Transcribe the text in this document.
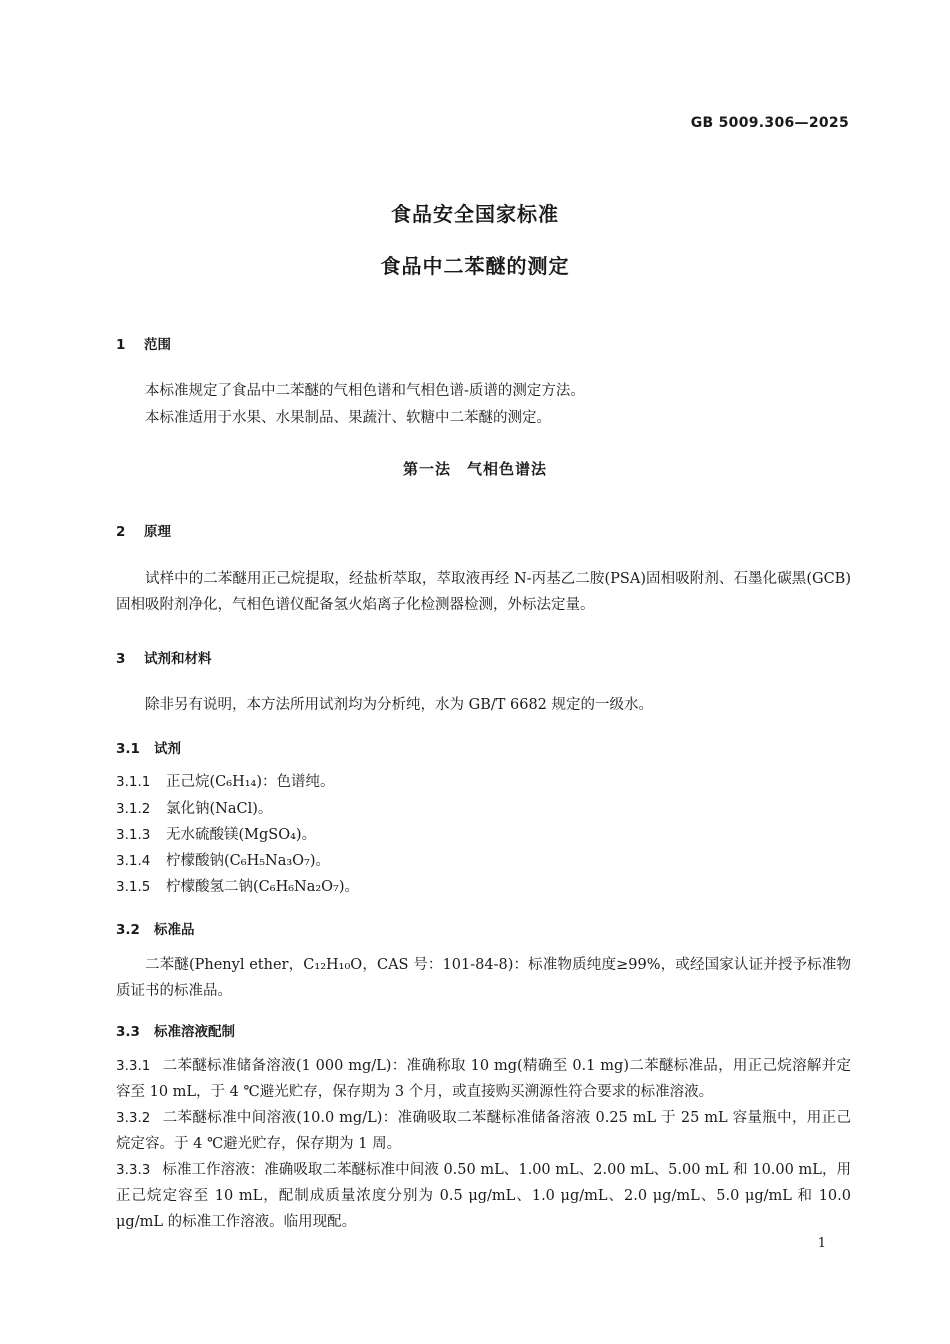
GB 5009.306—2025
食品安全国家标准
食品中二苯醚的测定
1 范围
本标准规定了食品中二苯醚的气相色谱和气相色谱-质谱的测定方法。
本标准适用于水果、水果制品、果蔬汁、软糖中二苯醚的测定。
第一法　气相色谱法
2 原理
试样中的二苯醚用正己烷提取，经盐析萃取，萃取液再经 N-丙基乙二胺(PSA)固相吸附剂、石墨化碳黑(GCB)固相吸附剂净化，气相色谱仪配备氢火焰离子化检测器检测，外标法定量。
3 试剂和材料
除非另有说明，本方法所用试剂均为分析纯，水为 GB/T 6682 规定的一级水。
3.1 试剂
3.1.1 正己烷(C₆H₁₄)：色谱纯。
3.1.2 氯化钠(NaCl)。
3.1.3 无水硫酸镁(MgSO₄)。
3.1.4 柠檬酸钠(C₆H₅Na₃O₇)。
3.1.5 柠檬酸氢二钠(C₆H₆Na₂O₇)。
3.2 标准品
二苯醚(Phenyl ether，C₁₂H₁₀O，CAS 号：101-84-8)：标准物质纯度≥99%，或经国家认证并授予标准物质证书的标准品。
3.3 标准溶液配制
3.3.1 二苯醚标准储备溶液(1 000 mg/L)：准确称取 10 mg(精确至 0.1 mg)二苯醚标准品，用正己烷溶解并定容至 10 mL，于 4 ℃避光贮存，保存期为 3 个月，或直接购买溯源性符合要求的标准溶液。
3.3.2 二苯醚标准中间溶液(10.0 mg/L)：准确吸取二苯醚标准储备溶液 0.25 mL 于 25 mL 容量瓶中，用正己烷定容。于 4 ℃避光贮存，保存期为 1 周。
3.3.3 标准工作溶液：准确吸取二苯醚标准中间液 0.50 mL、1.00 mL、2.00 mL、5.00 mL 和 10.00 mL，用正己烷定容至 10 mL，配制成质量浓度分别为 0.5 μg/mL、1.0 μg/mL、2.0 μg/mL、5.0 μg/mL 和 10.0 μg/mL 的标准工作溶液。临用现配。
1
